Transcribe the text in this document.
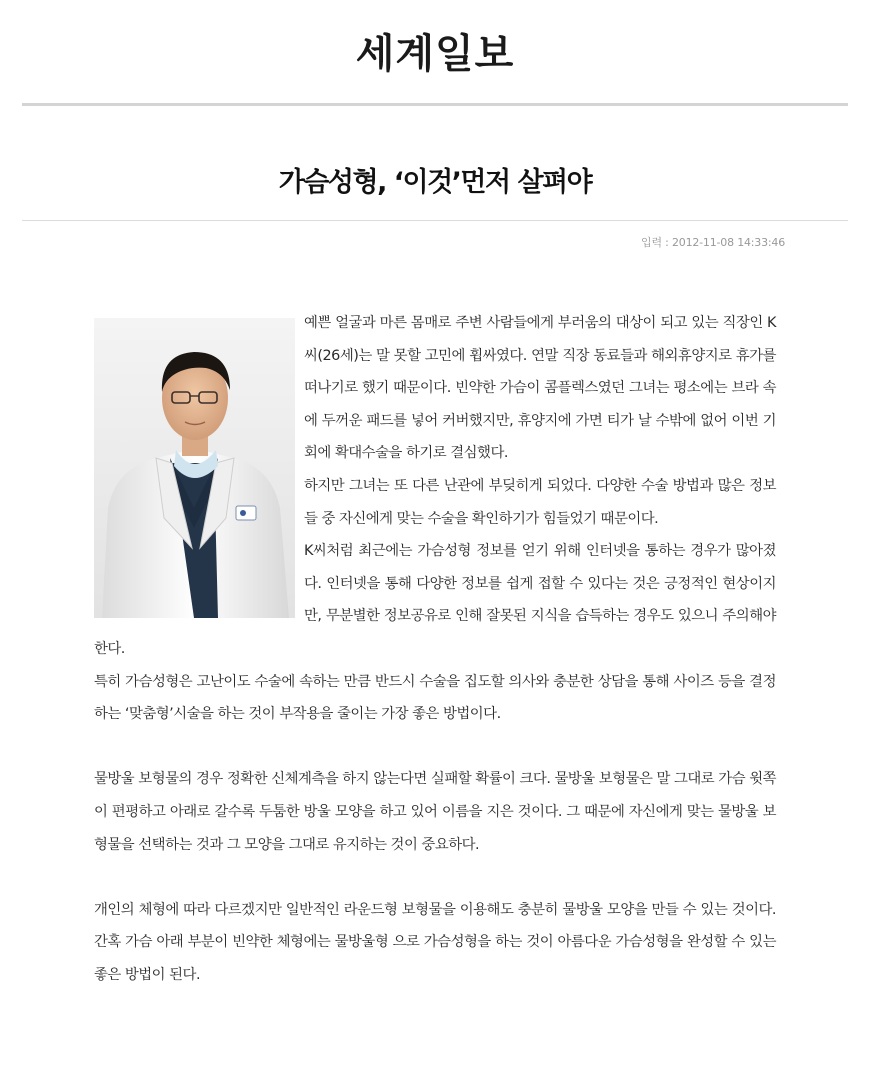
세계일보
가슴성형, ‘이것’먼저 살펴야
입력 : 2012-11-08 14:33:46

예쁜 얼굴과 마른 몸매로 주변 사람들에게 부러움의 대상이 되고 있는 직장인 K씨(26세)는 말 못할 고민에 휩싸였다. 연말 직장 동료들과 해외휴양지로 휴가를 떠나기로 했기 때문이다. 빈약한 가슴이 콤플렉스였던 그녀는 평소에는 브라 속에 두꺼운 패드를 넣어 커버했지만, 휴양지에 가면 티가 날 수밖에 없어 이번 기회에 확대수술을 하기로 결심했다.

하지만 그녀는 또 다른 난관에 부딪히게 되었다. 다양한 수술 방법과 많은 정보들 중 자신에게 맞는 수술을 확인하기가 힘들었기 때문이다.

K씨처럼 최근에는 가슴성형 정보를 얻기 위해 인터넷을 통하는 경우가 많아졌다. 인터넷을 통해 다양한 정보를 쉽게 접할 수 있다는 것은 긍정적인 현상이지만, 무분별한 정보공유로 인해 잘못된 지식을 습득하는 경우도 있으니 주의해야 한다.

특히 가슴성형은 고난이도 수술에 속하는 만큼 반드시 수술을 집도할 의사와 충분한 상담을 통해 사이즈 등을 결정하는 ‘맞춤형’시술을 하는 것이 부작용을 줄이는 가장 좋은 방법이다.

물방울 보형물의 경우 정확한 신체계측을 하지 않는다면 실패할 확률이 크다. 물방울 보형물은 말 그대로 가슴 윗쪽이 편평하고 아래로 갈수록 두툼한 방울 모양을 하고 있어 이름을 지은 것이다. 그 때문에 자신에게 맞는 물방울 보형물을 선택하는 것과 그 모양을 그대로 유지하는 것이 중요하다.

개인의 체형에 따라 다르겠지만 일반적인 라운드형 보형물을 이용해도 충분히 물방울 모양을 만들 수 있는 것이다. 간혹 가슴 아래 부분이 빈약한 체형에는 물방울형 으로 가슴성형을 하는 것이 아름다운 가슴성형을 완성할 수 있는 좋은 방법이 된다.
